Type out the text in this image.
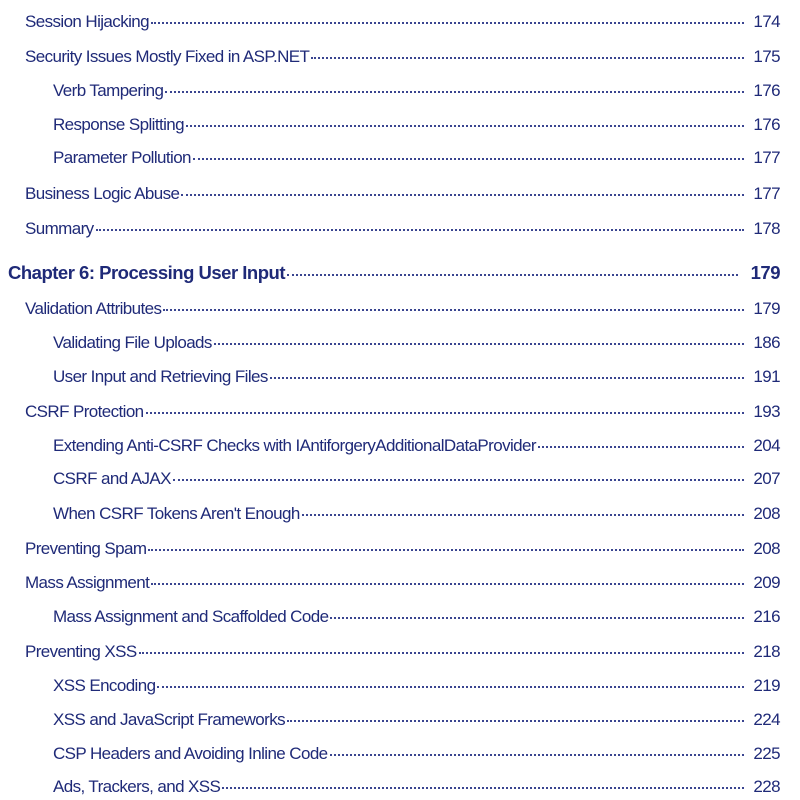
Session Hijacking	174
Security Issues Mostly Fixed in ASP.NET	175
Verb Tampering	176
Response Splitting	176
Parameter Pollution	177
Business Logic Abuse	177
Summary	178
Chapter 6: Processing User Input	179
Validation Attributes	179
Validating File Uploads	186
User Input and Retrieving Files	191
CSRF Protection	193
Extending Anti-CSRF Checks with IAntiforgeryAdditionalDataProvider	204
CSRF and AJAX	207
When CSRF Tokens Aren't Enough	208
Preventing Spam	208
Mass Assignment	209
Mass Assignment and Scaffolded Code	216
Preventing XSS	218
XSS Encoding	219
XSS and JavaScript Frameworks	224
CSP Headers and Avoiding Inline Code	225
Ads, Trackers, and XSS	228
